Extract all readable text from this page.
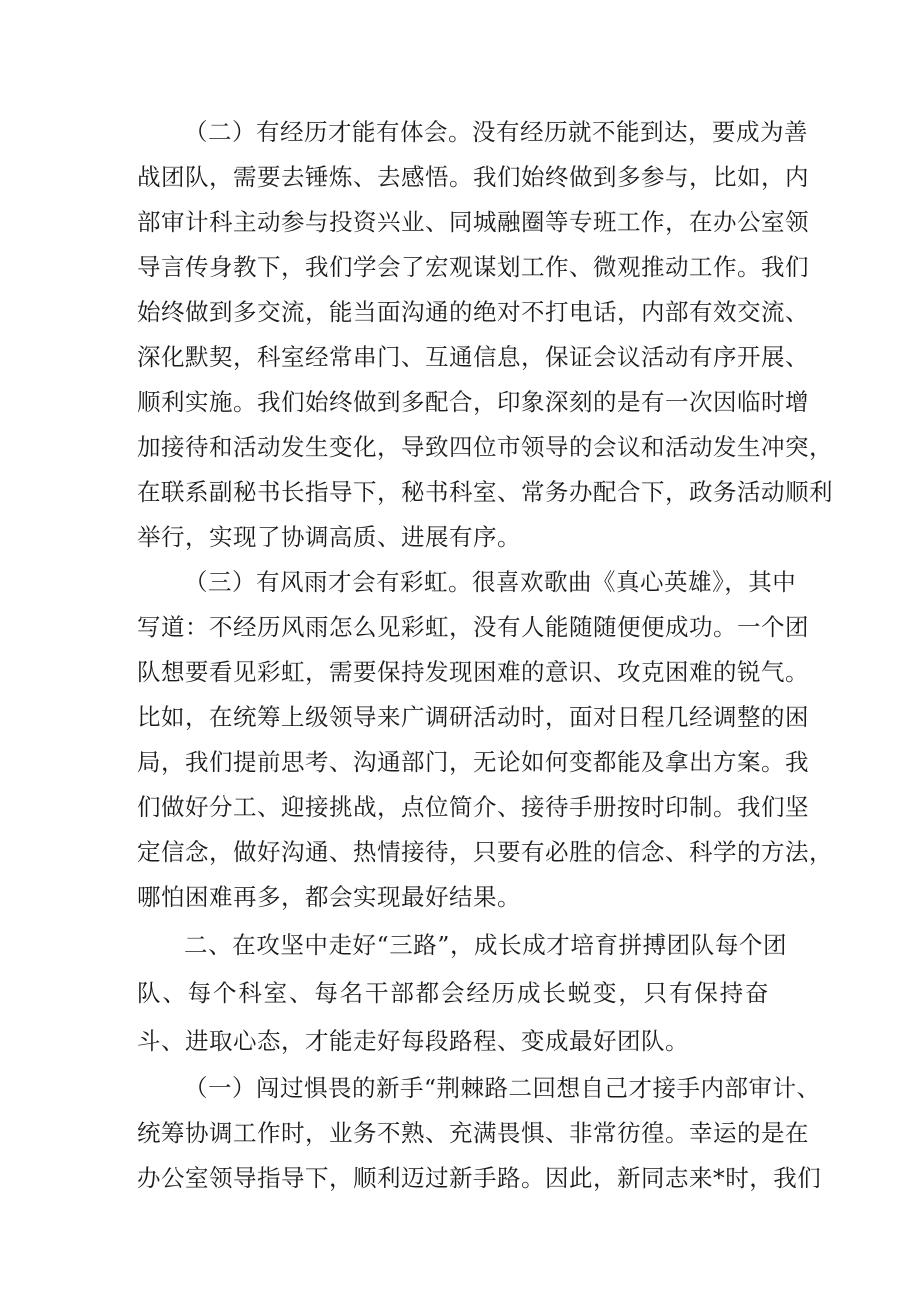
（二）有经历才能有体会。没有经历就不能到达，要成为善
战团队，需要去锤炼、去感悟。我们始终做到多参与，比如，内
部审计科主动参与投资兴业、同城融圈等专班工作，在办公室领
导言传身教下，我们学会了宏观谋划工作、微观推动工作。我们
始终做到多交流，能当面沟通的绝对不打电话，内部有效交流、
深化默契，科室经常串门、互通信息，保证会议活动有序开展、
顺利实施。我们始终做到多配合，印象深刻的是有一次因临时增
加接待和活动发生变化，导致四位市领导的会议和活动发生冲突，
在联系副秘书长指导下，秘书科室、常务办配合下，政务活动顺利
举行，实现了协调高质、进展有序。
（三）有风雨才会有彩虹。很喜欢歌曲《真心英雄》，其中
写道：不经历风雨怎么见彩虹，没有人能随随便便成功。一个团
队想要看见彩虹，需要保持发现困难的意识、攻克困难的锐气。
比如，在统筹上级领导来广调研活动时，面对日程几经调整的困
局，我们提前思考、沟通部门，无论如何变都能及拿出方案。我
们做好分工、迎接挑战，点位简介、接待手册按时印制。我们坚
定信念，做好沟通、热情接待，只要有必胜的信念、科学的方法，
哪怕困难再多，都会实现最好结果。
二、在攻坚中走好“三路”，成长成才培育拼搏团队每个团
队、每个科室、每名干部都会经历成长蜕变，只有保持奋
斗、进取心态，才能走好每段路程、变成最好团队。
（一）闯过惧畏的新手“荆棘路二回想自己才接手内部审计、
统筹协调工作时，业务不熟、充满畏惧、非常彷徨。幸运的是在
办公室领导指导下，顺利迈过新手路。因此，新同志来*时，我们
